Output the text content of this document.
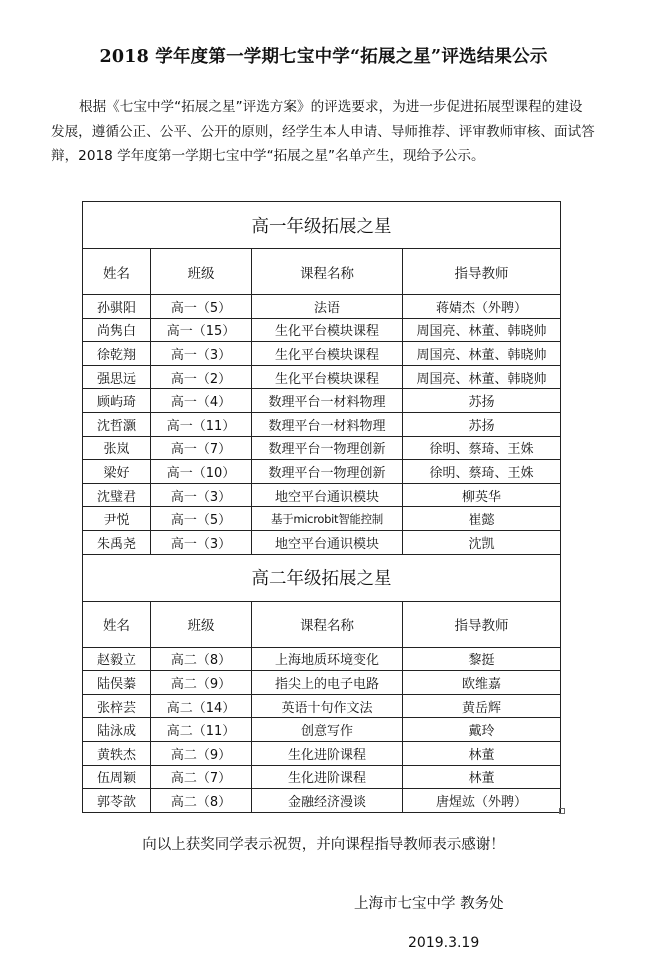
2018 学年度第一学期七宝中学“拓展之星”评选结果公示
根据《七宝中学“拓展之星”评选方案》的评选要求，为进一步促进拓展型课程的建设发展，遵循公正、公平、公开的原则，经学生本人申请、导师推荐、评审教师审核、面试答辩，2018 学年度第一学期七宝中学“拓展之星”名单产生，现给予公示。
高一年级拓展之星			
姓名	班级	课程名称	指导教师
孙骐阳	高一（5）	法语	蒋婧杰（外聘）
尚隽白	高一（15）	生化平台模块课程	周国亮、林董、韩晓帅
徐乾翔	高一（3）	生化平台模块课程	周国亮、林董、韩晓帅
强思远	高一（2）	生化平台模块课程	周国亮、林董、韩晓帅
顾屿琦	高一（4）	数理平台一材料物理	苏扬
沈哲灏	高一（11）	数理平台一材料物理	苏扬
张岚	高一（7）	数理平台一物理创新	徐明、蔡琦、王姝
梁好	高一（10）	数理平台一物理创新	徐明、蔡琦、王姝
沈璧君	高一（3）	地空平台通识模块	柳英华
尹悦	高一（5）	基于microbit智能控制	崔懿
朱禹尧	高一（3）	地空平台通识模块	沈凯
高二年级拓展之星			
姓名	班级	课程名称	指导教师
赵毅立	高二（8）	上海地质环境变化	黎挺
陆俣蓁	高二（9）	指尖上的电子电路	欧维嘉
张梓芸	高二（14）	英语十句作文法	黄岳辉
陆泳成	高二（11）	创意写作	戴玲
黄轶杰	高二（9）	生化进阶课程	林董
伍周颖	高二（7）	生化进阶课程	林董
郭苓歆	高二（8）	金融经济漫谈	唐煋竑（外聘）
向以上获奖同学表示祝贺，并向课程指导教师表示感谢！
上海市七宝中学 教务处
2019.3.19
